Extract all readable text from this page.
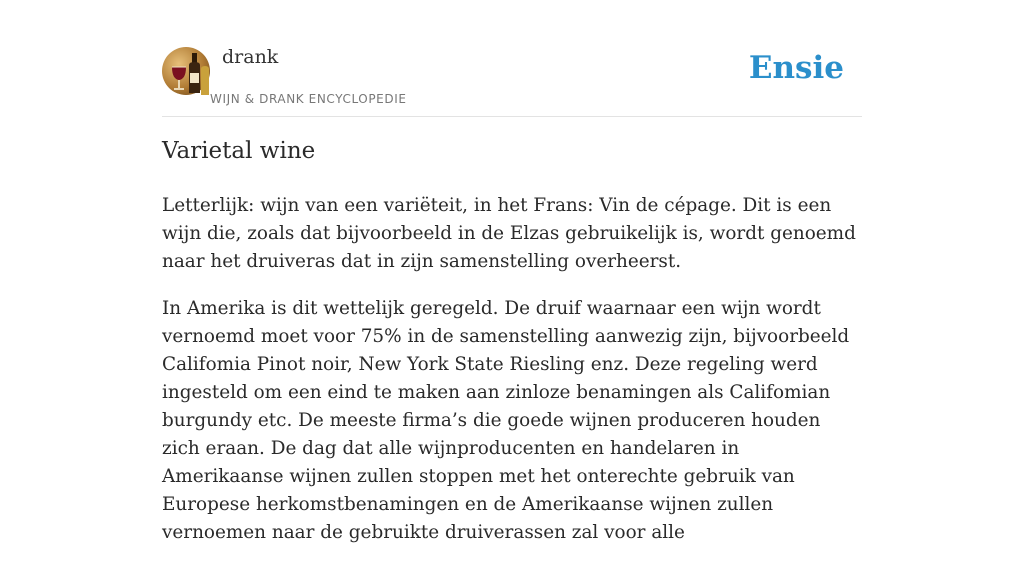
drank
WIJN & DRANK ENCYCLOPEDIE
Ensie
Varietal wine

Letterlijk: wijn van een variëteit, in het Frans: Vin de cépage. Dit is een wijn die, zoals dat bijvoorbeeld in de Elzas gebruikelijk is, wordt genoemd naar het druiveras dat in zijn samenstelling overheerst.

In Amerika is dit wettelijk geregeld. De druif waarnaar een wijn wordt vernoemd moet voor 75% in de samenstelling aanwezig zijn, bijvoorbeeld Califomia Pinot noir, New York State Riesling enz. Deze regeling werd ingesteld om een eind te maken aan zinloze benamingen als Califomian burgundy etc. De meeste firma’s die goede wijnen produceren houden zich eraan. De dag dat alle wijnproducenten en handelaren in Amerikaanse wijnen zullen stoppen met het onterechte gebruik van Europese herkomstbenamingen en de Amerikaanse wijnen zullen vernoemen naar de gebruikte druiverassen zal voor alle
